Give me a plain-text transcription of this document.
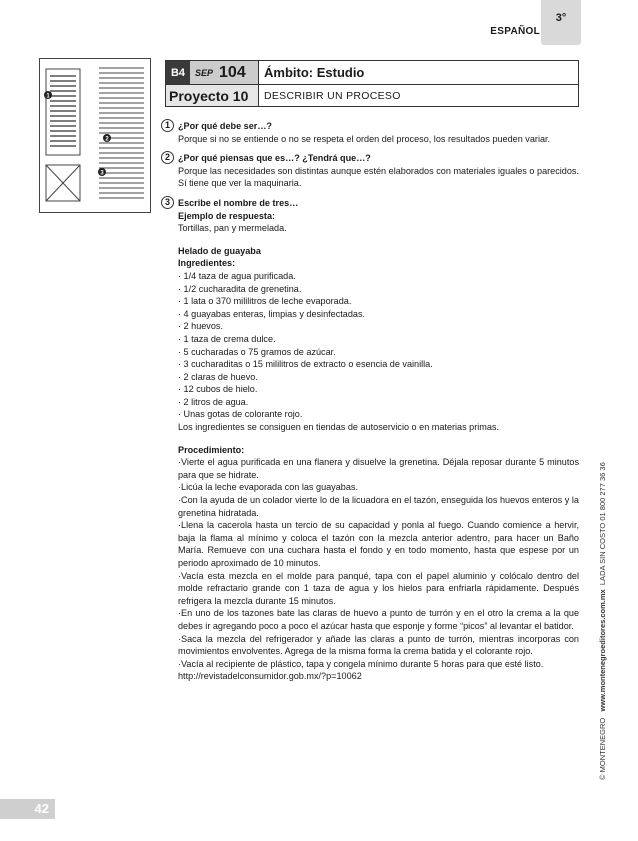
ESPAÑOL
3°
1
2
3
B4	SEP 104	Ámbito: Estudio
Proyecto 10	DESCRIBIR UN PROCESO
1 ¿Por qué debe ser…?

Porque si no se entiende o no se respeta el orden del proceso, los resultados pueden variar.

2 ¿Por qué piensas que es…? ¿Tendrá que…?

Porque las necesidades son distintas aunque estén elaborados con materiales iguales o parecidos. Sí tiene que ver la maquinaria.

3 Escribe el nombre de tres…

Ejemplo de respuesta:

Tortillas, pan y mermelada.

Helado de guayaba

Ingredientes:

· 1/4 taza de agua purificada.

· 1/2 cucharadita de grenetina.

· 1 lata o 370 mililitros de leche evaporada.

· 4 guayabas enteras, limpias y desinfectadas.

· 2 huevos.

· 1 taza de crema dulce.

· 5 cucharadas o 75 gramos de azúcar.

· 3 cucharaditas o 15 mililitros de extracto o esencia de vainilla.

· 2 claras de huevo.

· 12 cubos de hielo.

· 2 litros de agua.

· Unas gotas de colorante rojo.

Los ingredientes se consiguen en tiendas de autoservicio o en materias primas.

Procedimiento:

·Vierte el agua purificada en una flanera y disuelve la grenetina. Déjala reposar durante 5 minutos para que se hidrate.

·Licúa la leche evaporada con las guayabas.

·Con la ayuda de un colador vierte lo de la licuadora en el tazón, enseguida los huevos enteros y la grenetina hidratada.

·Llena la cacerola hasta un tercio de su capacidad y ponla al fuego. Cuando comience a hervir, baja la flama al mínimo y coloca el tazón con la mezcla anterior adentro, para hacer un Baño María. Remueve con una cuchara hasta el fondo y en todo momento, hasta que espese por un periodo aproximado de 10 minutos.

·Vacía esta mezcla en el molde para panqué, tapa con el papel aluminio y colócalo dentro del molde refractario grande con 1 taza de agua y los hielos para enfriarla rápidamente. Después refrigera la mezcla durante 15 minutos.

·En uno de los tazones bate las claras de huevo a punto de turrón y en el otro la crema a la que debes ir agregando poco a poco el azúcar hasta que esponje y forme “picos” al levantar el batidor.

·Saca la mezcla del refrigerador y añade las claras a punto de turrón, mientras incorporas con movimientos envolventes. Agrega de la misma forma la crema batida y el colorante rojo.

·Vacía al recipiente de plástico, tapa y congela mínimo durante 5 horas para que esté listo.

http://revistadelconsumidor.gob.mx/?p=10062

© MONTENEGRO   www.montenegroeditores.com.mx  LADA SIN COSTO 01 800 277 36 36
42
